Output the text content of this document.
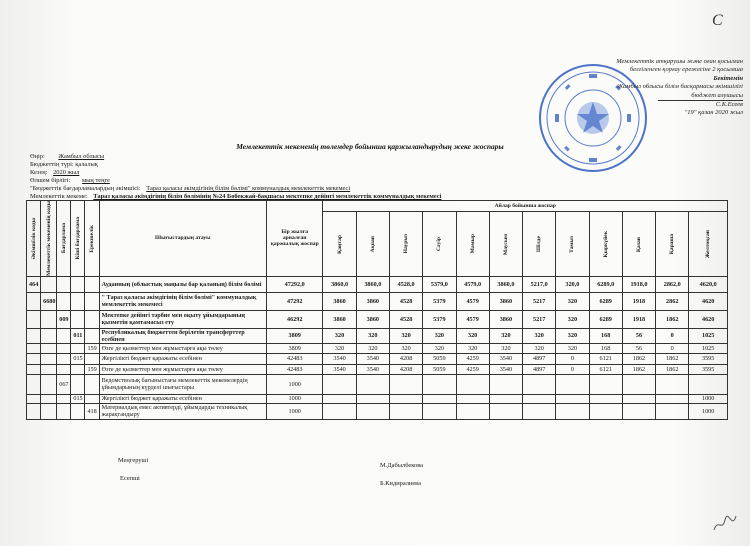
C
Мемлекеттік атқарушы және оған қосылған
белгіленген қорғау ережесіне 2 қосымша
Бекітемін
Жамбыл облысы білім басқармасы әкімшілігі
бюджет алушысы
С.К.Есеев
"19" қазан 2020 жыл
Мемлекеттік мекеменің төлемдер бойынша қаржыландырудың жеке жоспары
Өңір: Жамбыл облысы
Бюджеттің түрі: қалалық
Кезең: 2020 жыл
Өлшем бірлігі: мың теңге
"Бюджеттік бағдарламалардың әкімшісі: Тараз қаласы әкімдігінің білім бөлімі" коммуналдық мемлекеттік мекемесі
Мемлекеттік мекеме: Тараз қаласы әкімдігінің білім бөлімінің №24 Бөбекжай-бақшасы мектепке дейінгі мемлекеттік коммуналдық мекемесі
Әкімшілік коды	Мемлекеттік мекеменің коды	Бағдарлама	Кіші бағдарлама	Ерекшелік	Шығыстардың атауы	Бір жылға арналған қаржылық жоспар	Айлар бойынша жоспар											

							Қаңтар	Ақпан	Наурыз	Сәуір	Мамыр	Маусым	Шілде	Тамыз	Қыркүйек	Қазан	Қараша	Желтоқсан

464					Ауданның (облыстық маңызы бар қаланың) білім бөлімі	47292,0	3860,0	3860,0	4528,0	5379,0	4579,0	3860,0	5217,0	320,0	6289,0	1918,0	2862,0	4620,0
	6680				" Тараз қаласы әкімдігінің білім бөлімі" коммуналдық мемлекеттік мекемесі	47292	3860	3860	4528	5379	4579	3860	5217	320	6289	1918	2862	4620
		009			Мектепке дейінгі тәрбие мен оқыту ұйымдарының қызметін қамтамасыз ету	46292	3860	3860	4528	5379	4579	3860	5217	320	6289	1918	1862	4620
			011		Республикалық бюджеттен берілетін трансферттер есебінен	3809	320	320	320	320	320	320	320	320	168	56	0	1025
				159	Өзге де қызметтер мен жұмыстарға ақы төлеу	3809	320	320	320	320	320	320	320	320	168	56	0	1025
			015		Жергілікті бюджет қаражаты есебінен	42483	3540	3540	4208	5059	4259	3540	4897	0	6121	1862	1862	3595
				159	Өзге де қызметтер мен жұмыстарға ақы төлеу	42483	3540	3540	4208	5059	4259	3540	4897	0	6121	1862	1862	3595
		067			Ведомстволық бағыныстағы мемлекеттік мекемелердің ұйымдарының күрделі шығыстары	1000												
			015		Жергілікті бюджет қаражаты есебінен	1000												1000
				418	Материалдық емес активтерді, ұйымдарды техникалық жарақтандыру	1000												1000
Меңгеруші
М.Дабылбекова
Есепші
Б.Кидиралиева
